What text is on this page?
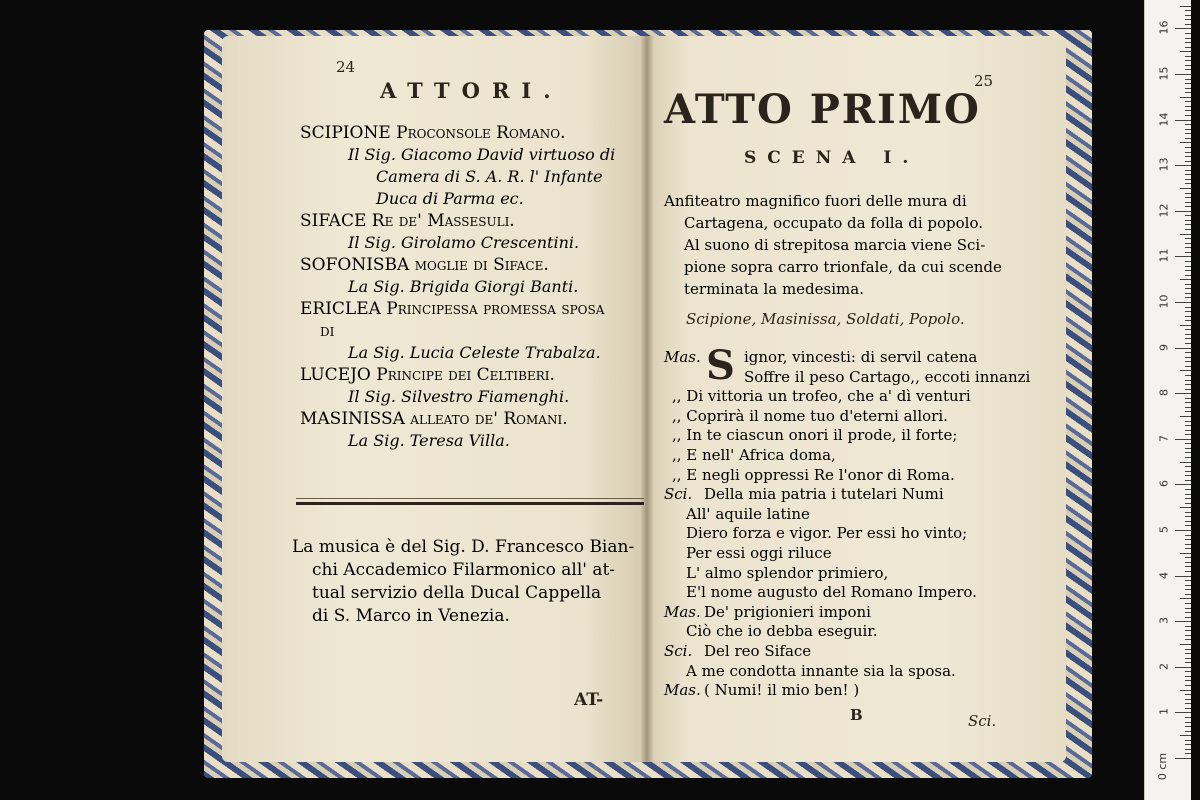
24
ATTORI.
SCIPIONE Proconsole Romano.
Il Sig. Giacomo David virtuoso di
Camera di S. A. R. l' Infante
Duca di Parma ec.
SIFACE Re de' Massesuli.
Il Sig. Girolamo Crescentini.
SOFONISBA moglie di Siface.
La Sig. Brigida Giorgi Banti.
ERICLEA Principessa promessa sposa
di
La Sig. Lucia Celeste Trabalza.
LUCEJO Principe dei Celtiberi.
Il Sig. Silvestro Fiamenghi.
MASINISSA alleato de' Romani.
La Sig. Teresa Villa.
La musica è del Sig. D. Francesco Bian-
chi Accademico Filarmonico all' at-
tual servizio della Ducal Cappella
di S. Marco in Venezia.
AT-
25
ATTO PRIMO
SCENA I.
Anfiteatro magnifico fuori delle mura di
Cartagena, occupato da folla di popolo.
Al suono di strepitosa marcia viene Sci-
pione sopra carro trionfale, da cui scende
terminata la medesima.
Scipione, Masinissa, Soldati, Popolo.
S
Mas.	ignor, vincesti: di servil catena
Soffre il peso Cartago,, eccoti innanzi
,, Di vittoria un trofeo, che a' dì venturi
,, Coprirà il nome tuo d'eterni allori.
,, In te ciascun onori il prode, il forte;
,, E nell' Africa doma,
,, E negli oppressi Re l'onor di Roma.
Sci. Della mia patria i tutelari Numi
All' aquile latine
Diero forza e vigor. Per essi ho vinto;
Per essi oggi riluce
L' almo splendor primiero,
E'l nome augusto del Romano Impero.
Mas. De' prigionieri imponi
Ciò che io debba eseguir.
Sci. Del reo Siface
A me condotta innante sia la sposa.
Mas. ( Numi! il mio ben! )
B	Sci.
0 cm
1
2
3
4
5
6
7
8
9
10
11
12
13
14
15
16
